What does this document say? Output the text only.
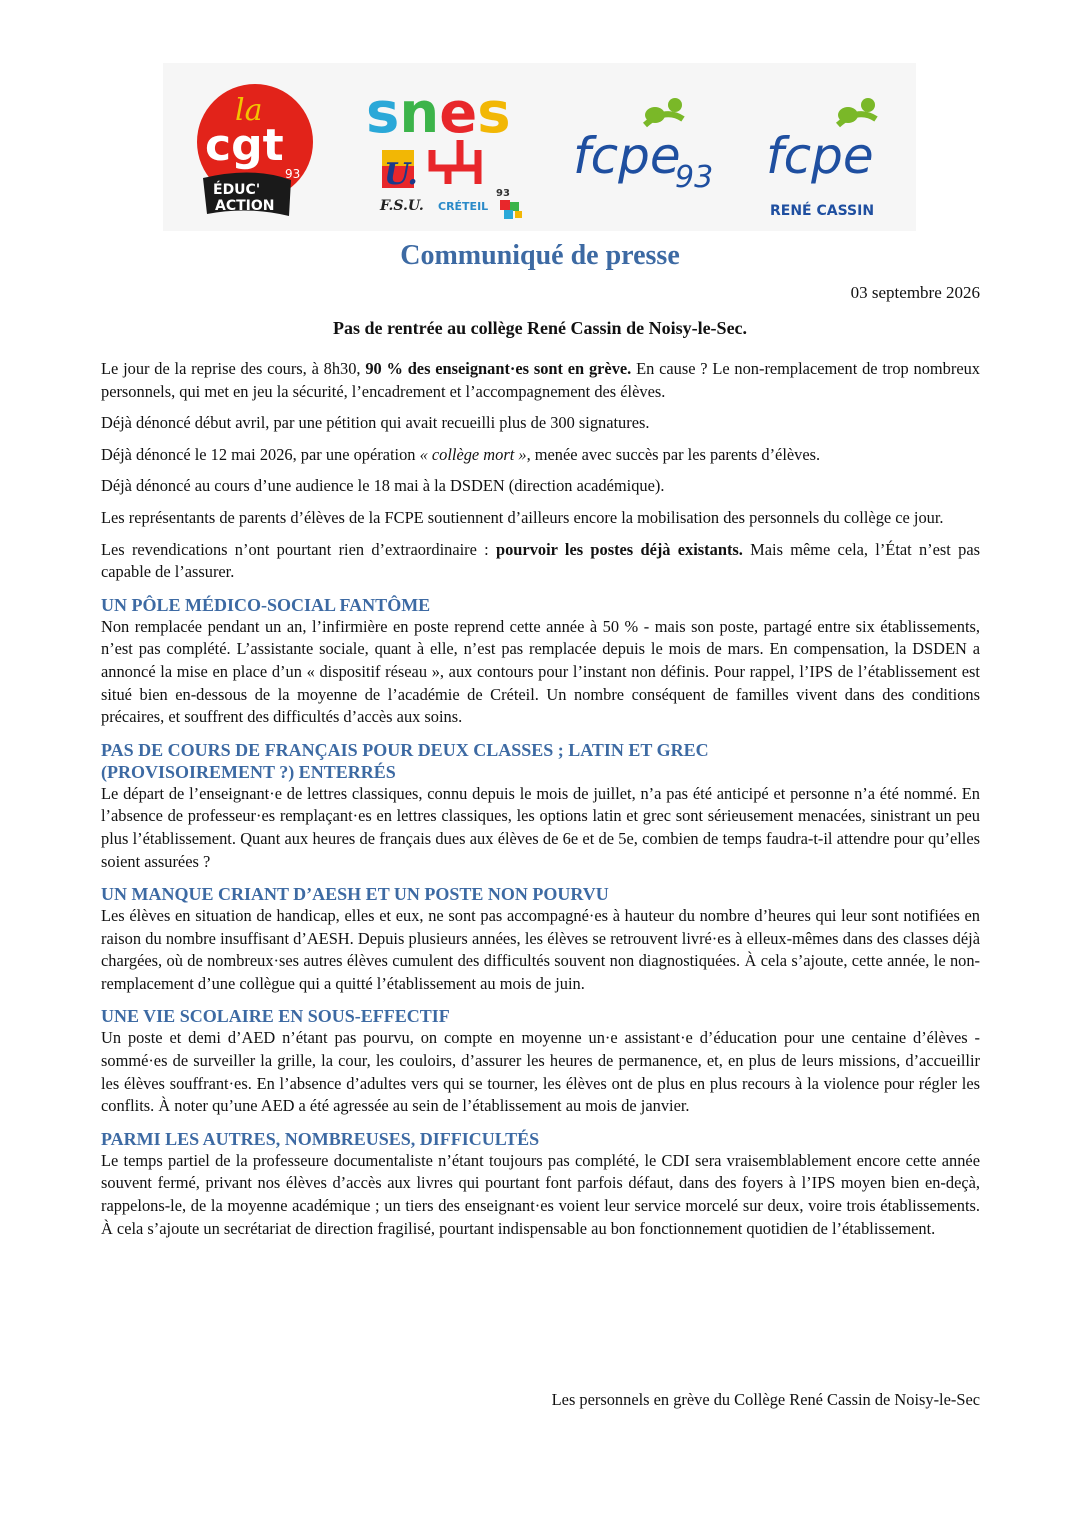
la
cgt
93
ÉDUC'
ACTION
snes
snes
U.
F.S.U. CRÉTEIL
93
fcpe
93 fcpe
RENÉ CASSIN
Communiqué de presse

03 septembre 2026

Pas de rentrée au collège René Cassin de Noisy-le-Sec.

Le jour de la reprise des cours, à 8h30, 90 % des enseignant·es sont en grève. En cause ? Le non-remplacement de trop nombreux personnels, qui met en jeu la sécurité, l’encadrement et l’accompagnement des élèves.

Déjà dénoncé début avril, par une pétition qui avait recueilli plus de 300 signatures.

Déjà dénoncé le 12 mai 2026, par une opération « collège mort », menée avec succès par les parents d’élèves.

Déjà dénoncé au cours d’une audience le 18 mai à la DSDEN (direction académique).

Les représentants de parents d’élèves de la FCPE soutiennent d’ailleurs encore la mobilisation des personnels du collège ce jour.

Les revendications n’ont pourtant rien d’extraordinaire : pourvoir les postes déjà existants. Mais même cela, l’État n’est pas capable de l’assurer.

UN PÔLE MÉDICO-SOCIAL FANTÔME

Non remplacée pendant un an, l’infirmière en poste reprend cette année à 50 % - mais son poste, partagé entre six établissements, n’est pas complété. L’assistante sociale, quant à elle, n’est pas remplacée depuis le mois de mars. En compensation, la DSDEN a annoncé la mise en place d’un « dispositif réseau », aux contours pour l’instant non définis. Pour rappel, l’IPS de l’établissement est situé bien en-dessous de la moyenne de l’académie de Créteil. Un nombre conséquent de familles vivent dans des conditions précaires, et souffrent des difficultés d’accès aux soins.

PAS DE COURS DE FRANÇAIS POUR DEUX CLASSES ; LATIN ET GREC (PROVISOIREMENT ?) ENTERRÉS

Le départ de l’enseignant·e de lettres classiques, connu depuis le mois de juillet, n’a pas été anticipé et personne n’a été nommé. En l’absence de professeur·es remplaçant·es en lettres classiques, les options latin et grec sont sérieusement menacées, sinistrant un peu plus l’établissement. Quant aux heures de français dues aux élèves de 6e et de 5e, combien de temps faudra-t-il attendre pour qu’elles soient assurées ?

UN MANQUE CRIANT D’AESH ET UN POSTE NON POURVU

Les élèves en situation de handicap, elles et eux, ne sont pas accompagné·es à hauteur du nombre d’heures qui leur sont notifiées en raison du nombre insuffisant d’AESH. Depuis plusieurs années, les élèves se retrouvent livré·es à elleux-mêmes dans des classes déjà chargées, où de nombreux·ses autres élèves cumulent des difficultés souvent non diagnostiquées. À cela s’ajoute, cette année, le non-remplacement d’une collègue qui a quitté l’établissement au mois de juin.

UNE VIE SCOLAIRE EN SOUS-EFFECTIF

Un poste et demi d’AED n’étant pas pourvu, on compte en moyenne un·e assistant·e d’éducation pour une centaine d’élèves - sommé·es de surveiller la grille, la cour, les couloirs, d’assurer les heures de permanence, et, en plus de leurs missions, d’accueillir les élèves souffrant·es. En l’absence d’adultes vers qui se tourner, les élèves ont de plus en plus recours à la violence pour régler les conflits. À noter qu’une AED a été agressée au sein de l’établissement au mois de janvier.

PARMI LES AUTRES, NOMBREUSES, DIFFICULTÉS

Le temps partiel de la professeure documentaliste n’étant toujours pas complété, le CDI sera vraisemblablement encore cette année souvent fermé, privant nos élèves d’accès aux livres qui pourtant font parfois défaut, dans des foyers à l’IPS moyen bien en-deçà, rappelons-le, de la moyenne académique ; un tiers des enseignant·es voient leur service morcelé sur deux, voire trois établissements. À cela s’ajoute un secrétariat de direction fragilisé, pourtant indispensable au bon fonctionnement quotidien de l’établissement.

Les personnels en grève du Collège René Cassin de Noisy-le-Sec
